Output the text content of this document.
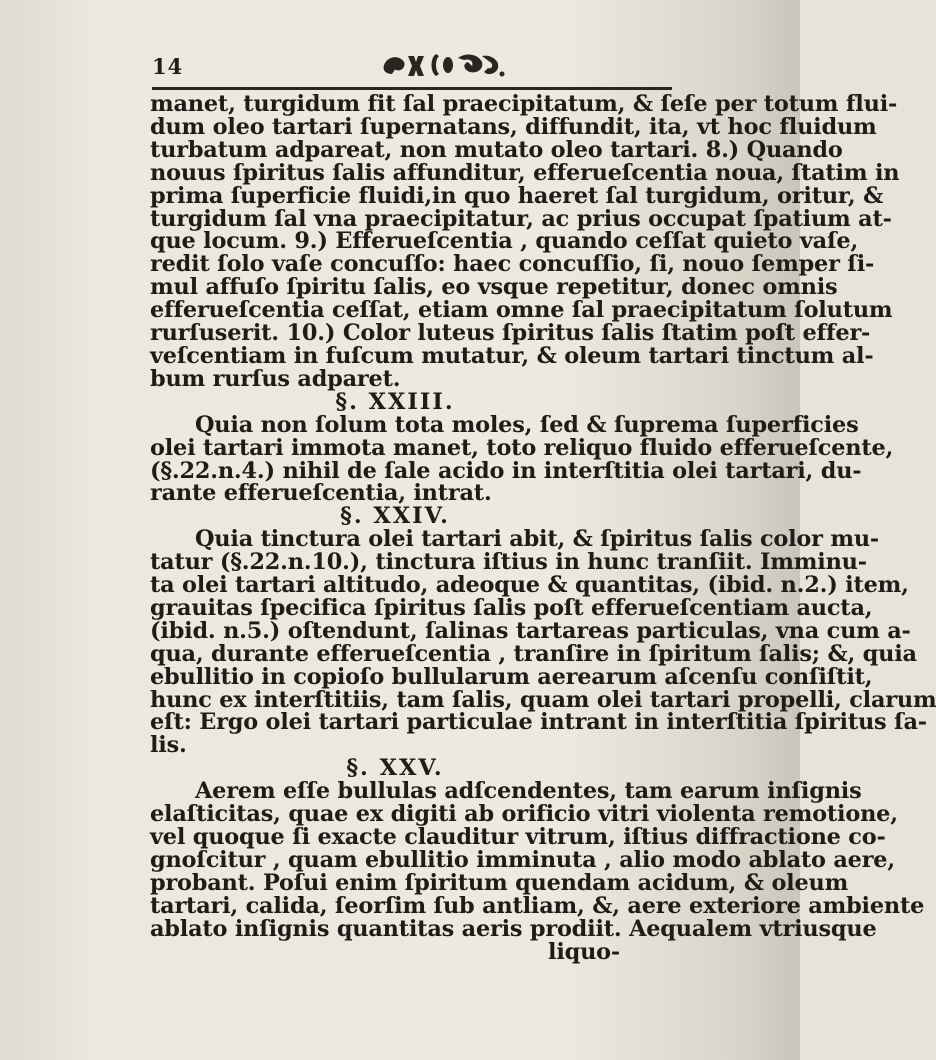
14
manet, turgidum fit ſal praecipitatum, & ſeſe per totum flui-
dum oleo tartari ſupernatans, diffundit, ita, vt hoc fluidum
turbatum adpareat, non mutato oleo tartari. 8.) Quando
nouus ſpiritus ſalis affunditur, efferueſcentia noua, ſtatim in
prima ſuperficie fluidi,in quo haeret ſal turgidum, oritur, &
turgidum ſal vna praecipitatur, ac prius occupat ſpatium at-
que locum. 9.) Efferueſcentia , quando ceſſat quieto vaſe,
redit ſolo vaſe concuſſo: haec concuſſio, ſi, nouo ſemper ſi-
mul affuſo ſpiritu ſalis, eo vsque repetitur, donec omnis
efferueſcentia ceſſat, etiam omne ſal praecipitatum ſolutum
rurſuserit. 10.) Color luteus ſpiritus ſalis ſtatim poſt effer-
veſcentiam in fuſcum mutatur, & oleum tartari tinctum al-
bum rurſus adparet.
§. XXIII.
Quia non ſolum tota moles, ſed & ſuprema ſuperficies
olei tartari immota manet, toto reliquo fluido efferueſcente,
(§.22.n.4.) nihil de ſale acido in interſtitia olei tartari, du-
rante efferueſcentia, intrat.
§. XXIV.
Quia tinctura olei tartari abit, & ſpiritus ſalis color mu-
tatur (§.22.n.10.), tinctura iſtius in hunc tranſiit. Imminu-
ta olei tartari altitudo, adeoque & quantitas, (ibid. n.2.) item,
grauitas ſpecifica ſpiritus ſalis poſt efferueſcentiam aucta,
(ibid. n.5.) oſtendunt, ſalinas tartareas particulas, vna cum a-
qua, durante efferueſcentia , tranſire in ſpiritum ſalis; &, quia
ebullitio in copioſo bullularum aerearum aſcenſu conſiſtit,
hunc ex interſtitiis, tam ſalis, quam olei tartari propelli, clarum
eſt: Ergo olei tartari particulae intrant in interſtitia ſpiritus ſa-
lis.
§. XXV.
Aerem eſſe bullulas adſcendentes, tam earum inſignis
elaſticitas, quae ex digiti ab orificio vitri violenta remotione,
vel quoque ſi exacte clauditur vitrum, iſtius diffractione co-
gnoſcitur , quam ebullitio imminuta , alio modo ablato aere,
probant. Poſui enim ſpiritum quendam acidum, & oleum
tartari, calida, ſeorſim ſub antliam, &, aere exteriore ambiente
ablato inſignis quantitas aeris prodiit. Aequalem vtriusque
liquo-
